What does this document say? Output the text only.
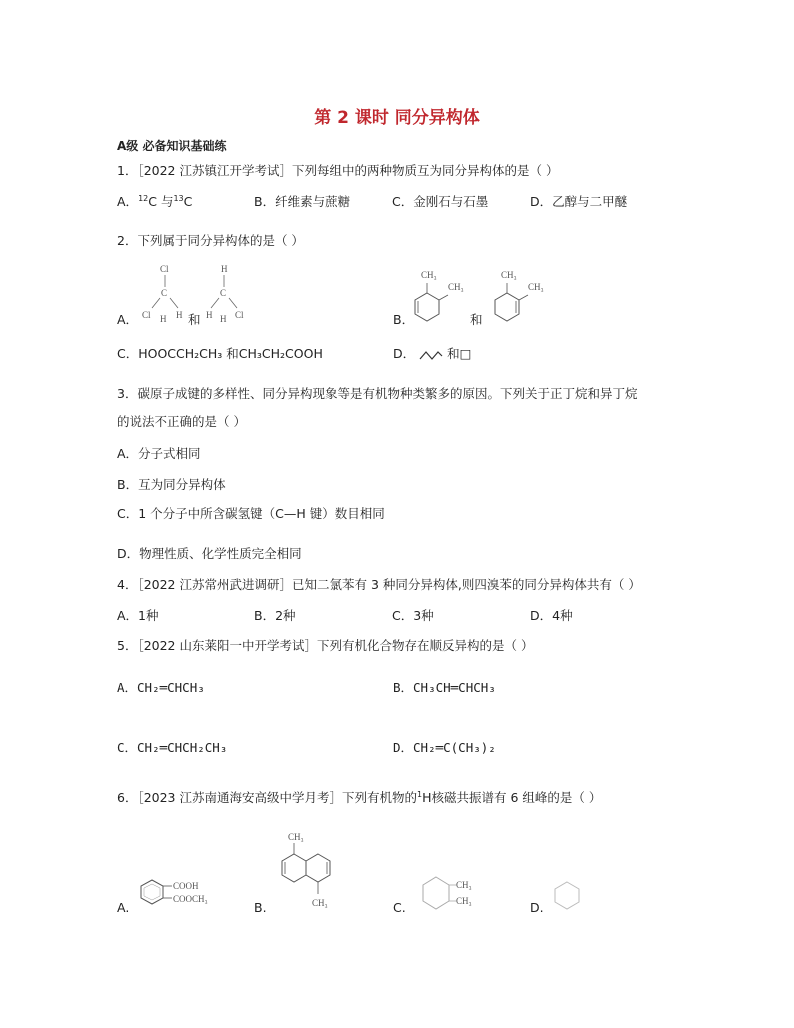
第 2 课时 同分异构体
A级 必备知识基础练
1．［2022 江苏镇江开学考试］下列每组中的两种物质互为同分异构体的是（ ）
A．$^{12}$C 与$^{13}$C	B．纤维素与蔗糖	C．金刚石与石墨	D．乙醇与二甲醚
2．下列属于同分异构体的是（ ）
A．
Cl
C
Cl H H
H
C
H H Cl
和	B．
CH₃
CH₃
CH₃
CH₃
和
C．HOOCCH₂CH₃ 和CH₃CH₂COOH	D．	和□
3．碳原子成键的多样性、同分异构现象等是有机物种类繁多的原因。下列关于正丁烷和异丁烷
的说法不正确的是（ ）
A．分子式相同
B．互为同分异构体
C．1 个分子中所含碳氢键（C—H 键）数目相同
D．物理性质、化学性质完全相同
4．［2022 江苏常州武进调研］已知二氯苯有 3 种同分异构体,则四溴苯的同分异构体共有（ ）
A．1种	B．2种	C．3种	D．4种
5．［2022 山东莱阳一中开学考试］下列有机化合物存在顺反异构的是（ ）
A．CH₂═CHCH₃	B．CH₃CH═CHCH₃
C．CH₂═CHCH₂CH₃	D．CH₂═C(CH₃)₂
6．［2023 江苏南通海安高级中学月考］下列有机物的$^1$H核磁共振谱有 6 组峰的是（ ）
A.
COOH
COOCH₃
B.
CH₃
CH₃	C.
CH₃
CH₃	D.
